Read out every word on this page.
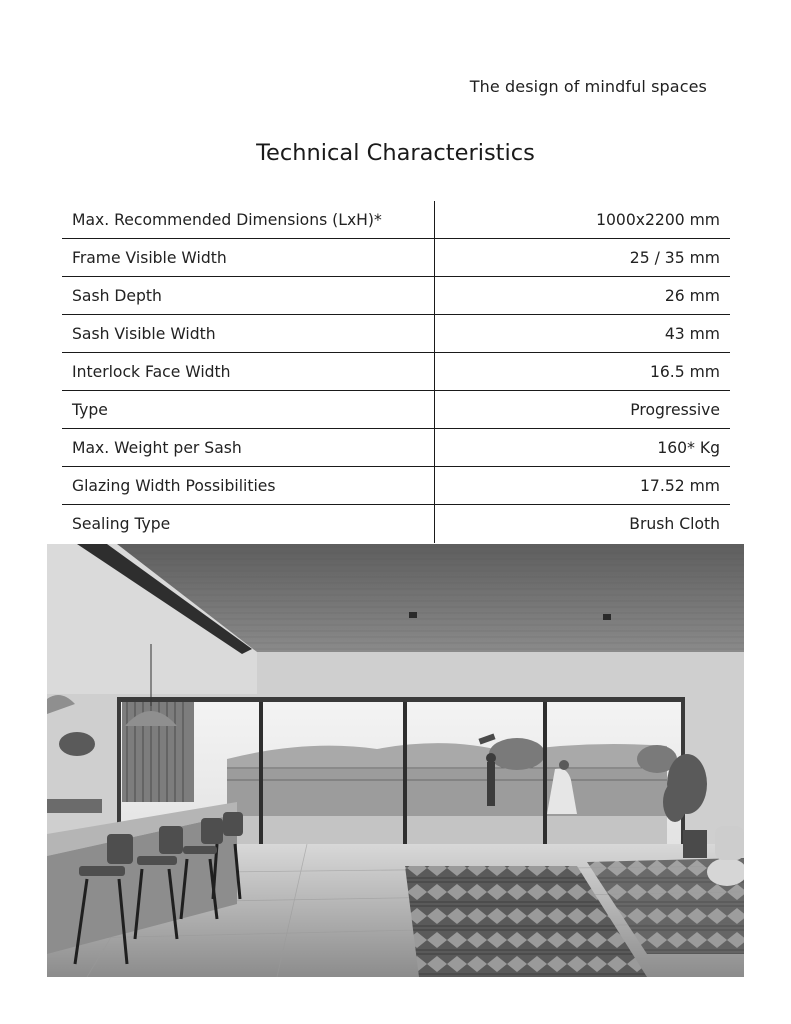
The design of mindful spaces
Technical Characteristics
Max. Recommended Dimensions (LxH)*	1000x2200 mm
Frame Visible Width	25 / 35 mm
Sash Depth	26 mm
Sash Visible Width	43 mm
Interlock Face Width	16.5 mm
Type	Progressive
Max. Weight per Sash	160* Kg
Glazing Width Possibilities	17.52 mm
Sealing Type	Brush Cloth
